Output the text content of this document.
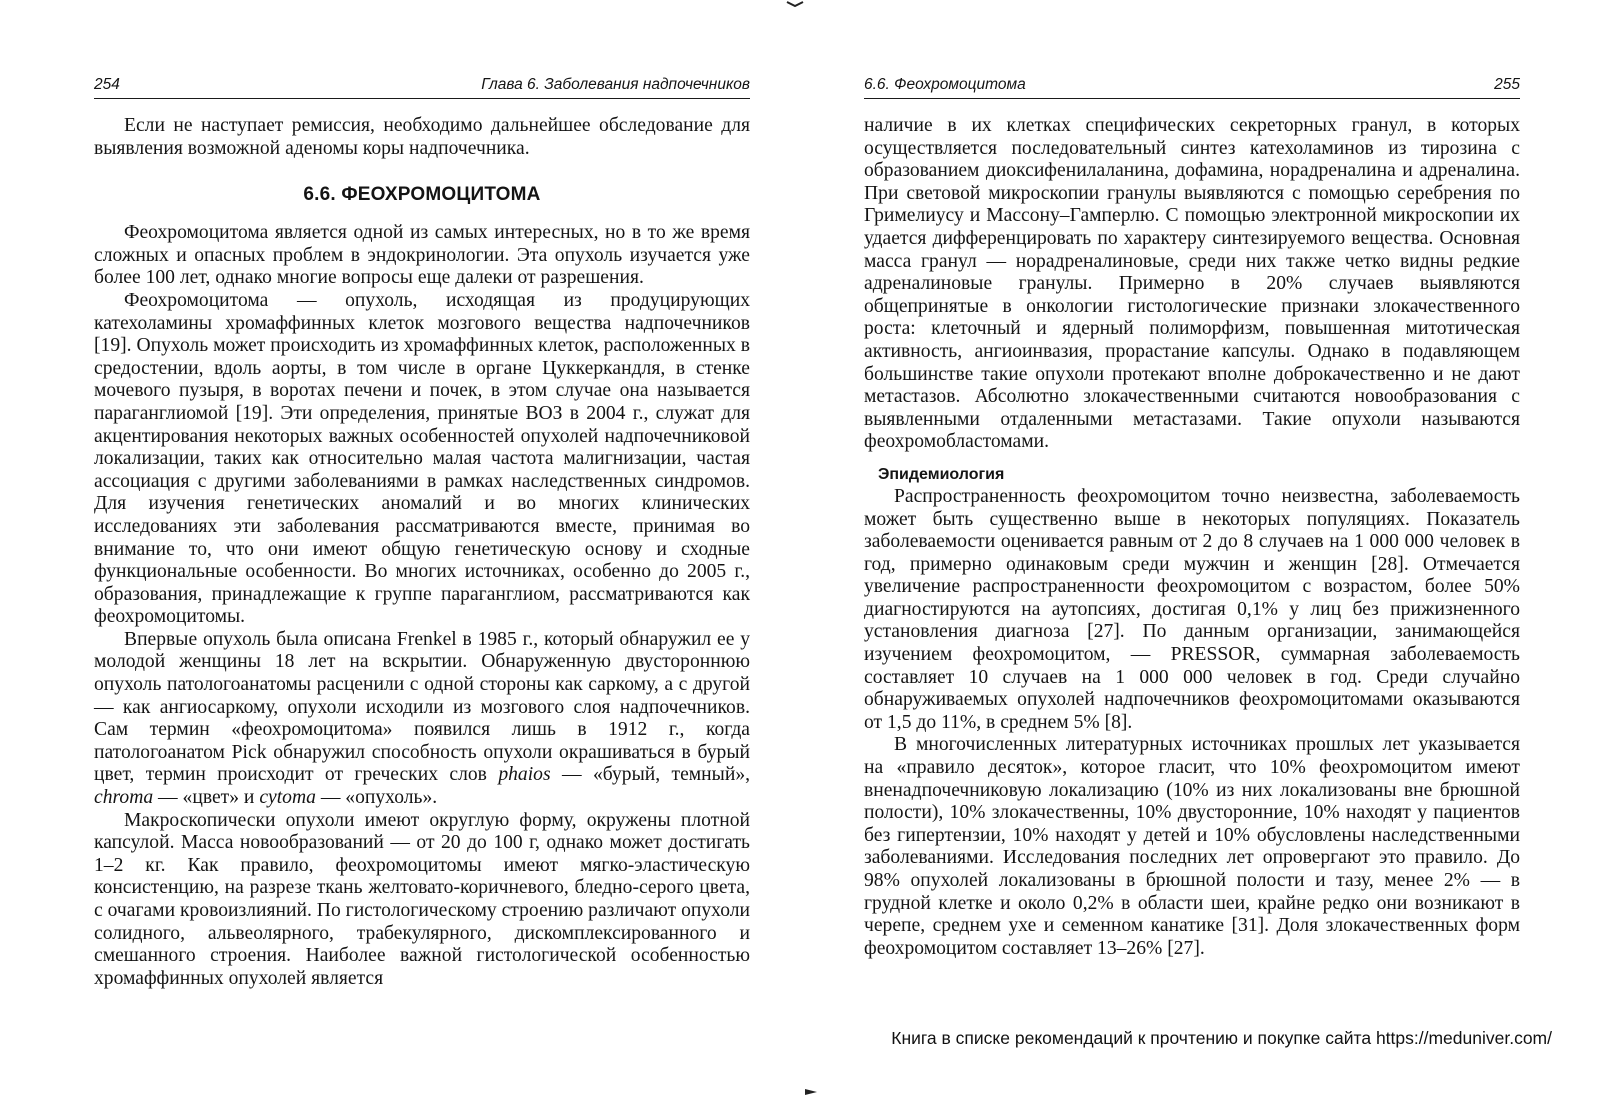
254	Глава 6. Заболевания надпочечников

Если не наступает ремиссия, необходимо дальнейшее обследование для выявления возможной аденомы коры надпочечника.

6.6. ФЕОХРОМОЦИТОМА

Феохромоцитома является одной из самых интересных, но в то же время сложных и опасных проблем в эндокринологии. Эта опухоль изучается уже более 100 лет, однако многие вопросы еще далеки от разрешения.

Феохромоцитома — опухоль, исходящая из продуцирующих катехоламины хромаффинных клеток мозгового вещества надпочечников [19]. Опухоль может происходить из хромаффинных клеток, расположенных в средостении, вдоль аорты, в том числе в органе Цуккеркандля, в стенке мочевого пузыря, в воротах печени и почек, в этом случае она называется параганглиомой [19]. Эти определения, принятые ВОЗ в 2004 г., служат для акцентирования некоторых важных особенностей опухолей надпочечниковой локализации, таких как относительно малая частота малигнизации, частая ассоциация с другими заболеваниями в рамках наследственных синдромов. Для изучения генетических аномалий и во многих клинических исследованиях эти заболевания рассматриваются вместе, принимая во внимание то, что они имеют общую генетическую основу и сходные функциональные особенности. Во многих источниках, особенно до 2005 г., образования, принадлежащие к группе параганглиом, рассматриваются как феохромоцитомы.

Впервые опухоль была описана Frenkel в 1985 г., который обнаружил ее у молодой женщины 18 лет на вскрытии. Обнаруженную двустороннюю опухоль патологоанатомы расценили с одной стороны как саркому, а с другой — как ангиосаркому, опухоли исходили из мозгового слоя надпочечников. Сам термин «феохромоцитома» появился лишь в 1912 г., когда патологоанатом Pick обнаружил способность опухоли окрашиваться в бурый цвет, термин происходит от греческих слов phaios — «бурый, темный», chroma — «цвет» и cytoma — «опухоль».

Макроскопически опухоли имеют округлую форму, окружены плотной капсулой. Масса новообразований — от 20 до 100 г, однако может достигать 1–2 кг. Как правило, феохромоцитомы имеют мягко-эластическую консистенцию, на разрезе ткань желтовато-коричневого, бледно-серого цвета, с очагами кровоизлияний. По гистологическому строению различают опухоли солидного, альвеолярного, трабекулярного, дискомплексированного и смешанного строения. Наиболее важной гистологической особенностью хромаффинных опухолей является

6.6. Феохромоцитома	255

наличие в их клетках специфических секреторных гранул, в которых осуществляется последовательный синтез катехоламинов из тирозина с образованием диоксифенилаланина, дофамина, норадреналина и адреналина. При световой микроскопии гранулы выявляются с помощью серебрения по Гримелиусу и Массону–Гамперлю. С помощью электронной микроскопии их удается дифференцировать по характеру синтезируемого вещества. Основная масса гранул — норадреналиновые, среди них также четко видны редкие адреналиновые гранулы. Примерно в 20% случаев выявляются общепринятые в онкологии гистологические признаки злокачественного роста: клеточный и ядерный полиморфизм, повышенная митотическая активность, ангиоинвазия, прорастание капсулы. Однако в подавляющем большинстве такие опухоли протекают вполне доброкачественно и не дают метастазов. Абсолютно злокачественными считаются новообразования с выявленными отдаленными метастазами. Такие опухоли называются феохромобластомами.

Эпидемиология

Распространенность феохромоцитом точно неизвестна, заболеваемость может быть существенно выше в некоторых популяциях. Показатель заболеваемости оценивается равным от 2 до 8 случаев на 1 000 000 человек в год, примерно одинаковым среди мужчин и женщин [28]. Отмечается увеличение распространенности феохромоцитом с возрастом, более 50% диагностируются на аутопсиях, достигая 0,1% у лиц без прижизненного установления диагноза [27]. По данным организации, занимающейся изучением феохромоцитом, — PRESSOR, суммарная заболеваемость составляет 10 случаев на 1 000 000 человек в год. Среди случайно обнаруживаемых опухолей надпочечников феохромоцитомами оказываются от 1,5 до 11%, в среднем 5% [8].

В многочисленных литературных источниках прошлых лет указывается на «правило десяток», которое гласит, что 10% феохромоцитом имеют вненадпочечниковую локализацию (10% из них локализованы вне брюшной полости), 10% злокачественны, 10% двусторонние, 10% находят у пациентов без гипертензии, 10% находят у детей и 10% обусловлены наследственными заболеваниями. Исследования последних лет опровергают это правило. До 98% опухолей локализованы в брюшной полости и тазу, менее 2% — в грудной клетке и около 0,2% в области шеи, крайне редко они возникают в черепе, среднем ухе и семенном канатике [31]. Доля злокачественных форм феохромоцитом составляет 13–26% [27].

Книга в списке рекомендаций к прочтению и покупке сайта https://meduniver.com/
